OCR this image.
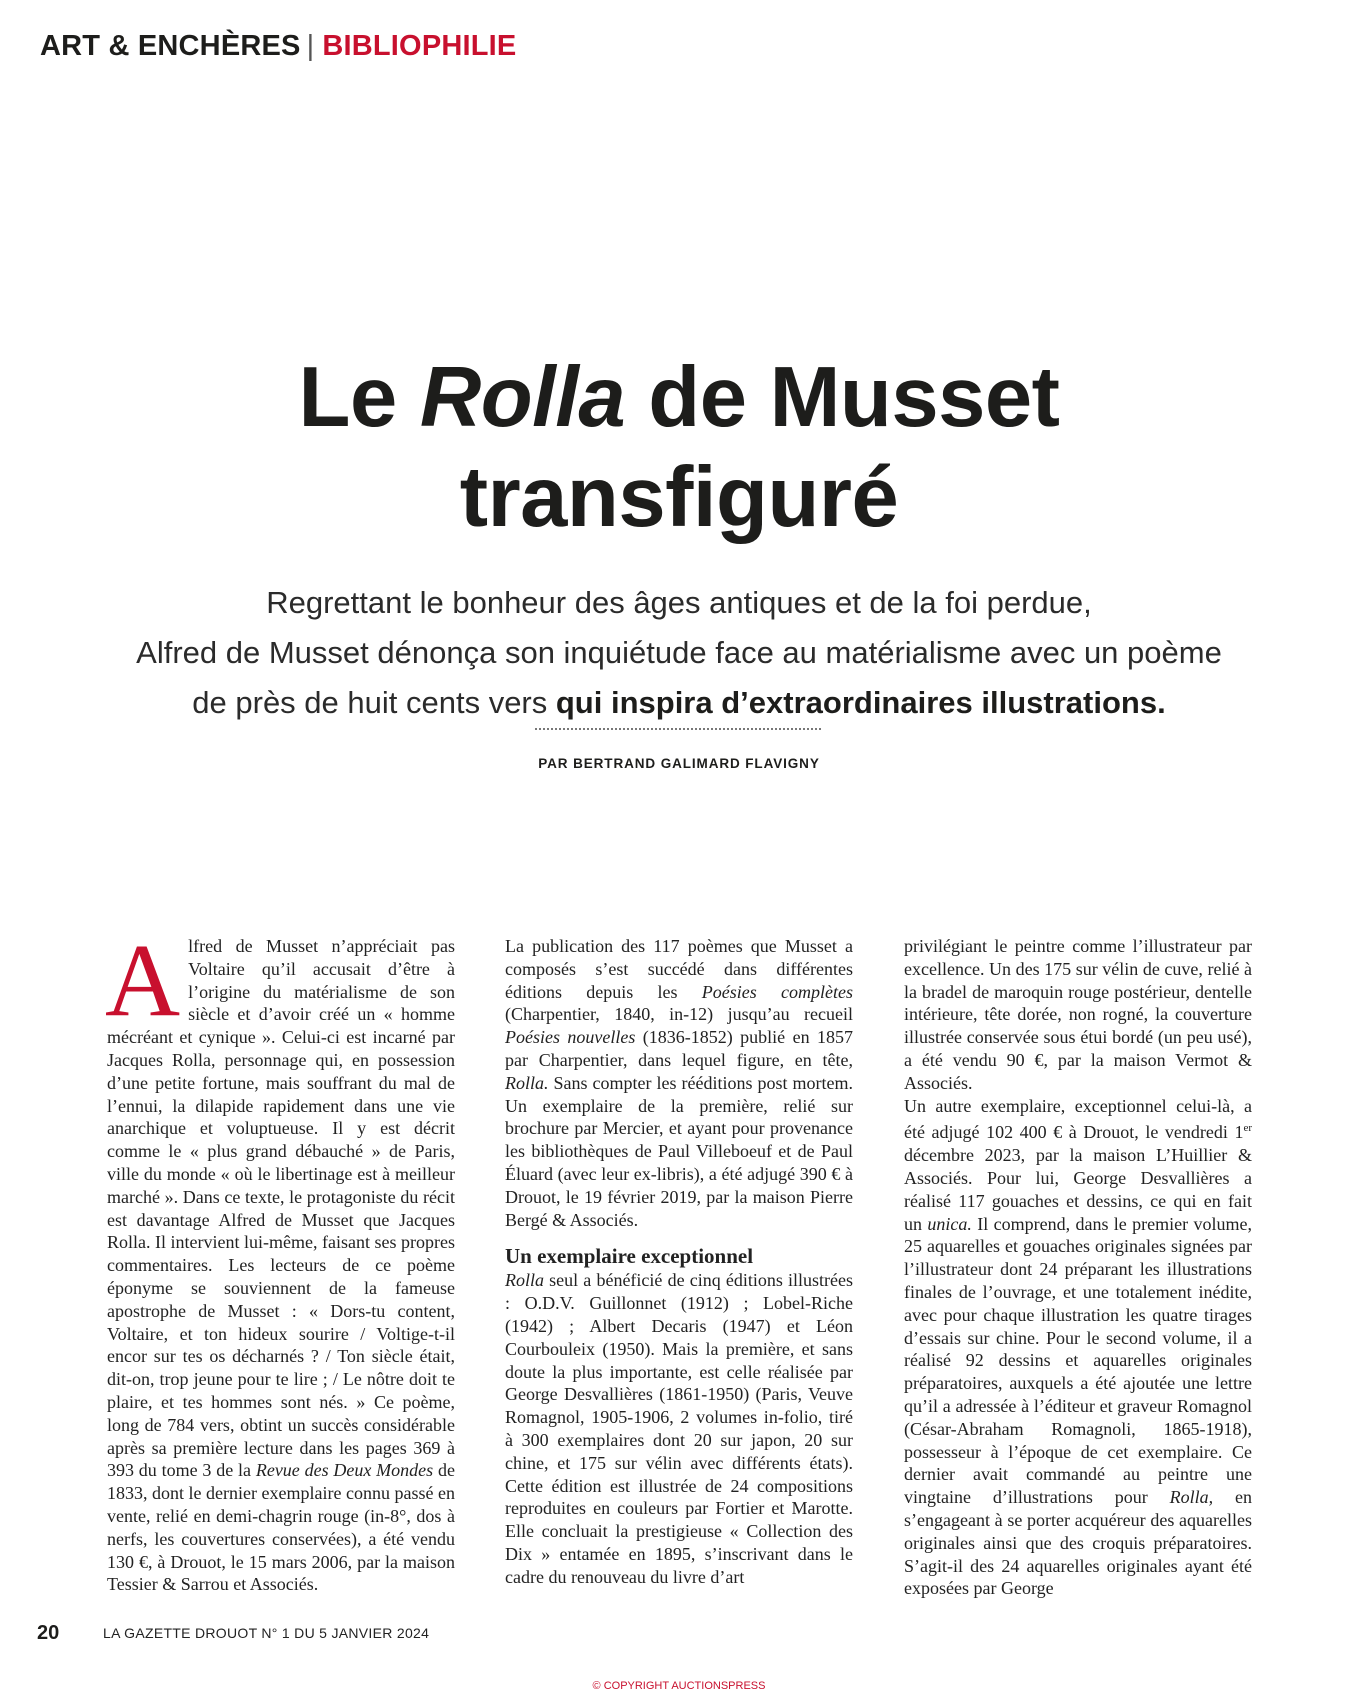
ART & ENCHÈRES | BIBLIOPHILIE
Le Rolla de Musset
transfiguré
Regrettant le bonheur des âges antiques et de la foi perdue,
Alfred de Musset dénonça son inquiétude face au matérialisme avec un poème
de près de huit cents vers qui inspira d’extraordinaires illustrations.
PAR BERTRAND GALIMARD FLAVIGNY

Alfred de Musset n’appréciait pas Voltaire qu’il accusait d’être à l’origine du matérialisme de son siècle et d’avoir créé un « homme mécréant et cynique ». Celui-ci est incarné par Jacques Rolla, personnage qui, en possession d’une petite fortune, mais souffrant du mal de l’ennui, la dilapide rapidement dans une vie anarchique et voluptueuse. Il y est décrit comme le « plus grand débauché » de Paris, ville du monde « où le libertinage est à meilleur marché ». Dans ce texte, le protagoniste du récit est davantage Alfred de Musset que Jacques Rolla. Il intervient lui-même, faisant ses propres commentaires. Les lecteurs de ce poème éponyme se souviennent de la fameuse apostrophe de Musset : « Dors-tu content, Voltaire, et ton hideux sourire / Voltige-t-il encor sur tes os décharnés ? / Ton siècle était, dit-on, trop jeune pour te lire ; / Le nôtre doit te plaire, et tes hommes sont nés. » Ce poème, long de 784 vers, obtint un succès considérable après sa première lecture dans les pages 369 à 393 du tome 3 de la Revue des Deux Mondes de 1833, dont le dernier exemplaire connu passé en vente, relié en demi-chagrin rouge (in-8°, dos à nerfs, les couvertures conservées), a été vendu 130 €, à Drouot, le 15 mars 2006, par la maison Tessier & Sarrou et Associés.

La publication des 117 poèmes que Musset a composés s’est succédé dans différentes éditions depuis les Poésies complètes (Charpentier, 1840, in-12) jusqu’au recueil Poésies nouvelles (1836-1852) publié en 1857 par Charpentier, dans lequel figure, en tête, Rolla. Sans compter les rééditions post mortem. Un exemplaire de la première, relié sur brochure par Mercier, et ayant pour provenance les bibliothèques de Paul Villeboeuf et de Paul Éluard (avec leur ex-libris), a été adjugé 390 € à Drouot, le 19 février 2019, par la maison Pierre Bergé & Associés.

Un exemplaire exceptionnel

Rolla seul a bénéficié de cinq éditions illustrées : O.D.V. Guillonnet (1912) ; Lobel-Riche (1942) ; Albert Decaris (1947) et Léon Courbouleix (1950). Mais la première, et sans doute la plus importante, est celle réalisée par George Desvallières (1861-1950) (Paris, Veuve Romagnol, 1905-1906, 2 volumes in-folio, tiré à 300 exemplaires dont 20 sur japon, 20 sur chine, et 175 sur vélin avec différents états). Cette édition est illustrée de 24 compositions reproduites en couleurs par Fortier et Marotte. Elle concluait la prestigieuse « Collection des Dix » entamée en 1895, s’inscrivant dans le cadre du renouveau du livre d’art

privilégiant le peintre comme l’illustrateur par excellence. Un des 175 sur vélin de cuve, relié à la bradel de maroquin rouge postérieur, dentelle intérieure, tête dorée, non rogné, la couverture illustrée conservée sous étui bordé (un peu usé), a été vendu 90 €, par la maison Vermot & Associés.

Un autre exemplaire, exceptionnel celui-là, a été adjugé 102 400 € à Drouot, le vendredi 1er décembre 2023, par la maison L’Huillier & Associés. Pour lui, George Desvallières a réalisé 117 gouaches et dessins, ce qui en fait un unica. Il comprend, dans le premier volume, 25 aquarelles et gouaches originales signées par l’illustrateur dont 24 préparant les illustrations finales de l’ouvrage, et une totalement inédite, avec pour chaque illustration les quatre tirages d’essais sur chine. Pour le second volume, il a réalisé 92 dessins et aquarelles originales préparatoires, auxquels a été ajoutée une lettre qu’il a adressée à l’éditeur et graveur Romagnol (César-Abraham Romagnoli, 1865-1918), possesseur à l’époque de cet exemplaire. Ce dernier avait commandé au peintre une vingtaine d’illustrations pour Rolla, en s’engageant à se porter acquéreur des aquarelles originales ainsi que des croquis préparatoires. S’agit-il des 24 aquarelles originales ayant été exposées par George

20	LA GAZETTE DROUOT N° 1 DU 5 JANVIER 2024
© COPYRIGHT AUCTIONSPRESS
